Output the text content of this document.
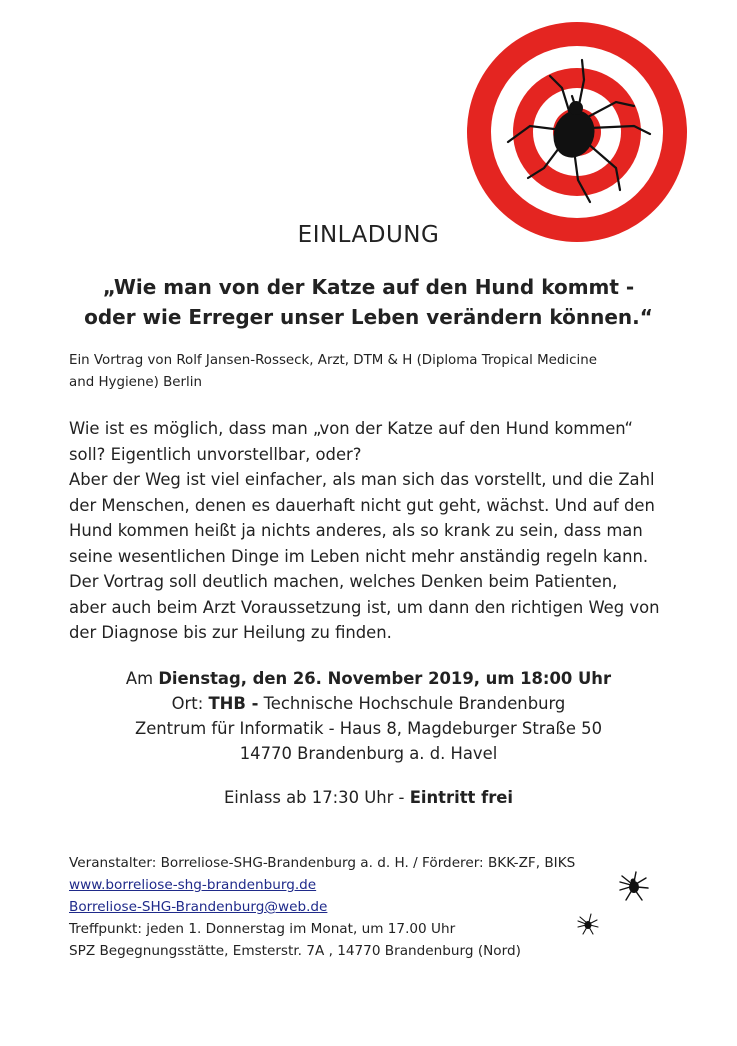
EINLADUNG
„Wie man von der Katze auf den Hund kommt -
oder wie Erreger unser Leben verändern können.“
Ein Vortrag von Rolf Jansen-Rosseck, Arzt, DTM & H (Diploma Tropical Medicine
and Hygiene) Berlin
Wie ist es möglich, dass man „von der Katze auf den Hund kommen“
soll? Eigentlich unvorstellbar, oder?
Aber der Weg ist viel einfacher, als man sich das vorstellt, und die Zahl
der Menschen, denen es dauerhaft nicht gut geht, wächst. Und auf den
Hund kommen heißt ja nichts anderes, als so krank zu sein, dass man
seine wesentlichen Dinge im Leben nicht mehr anständig regeln kann.
Der Vortrag soll deutlich machen, welches Denken beim Patienten,
aber auch beim Arzt Voraussetzung ist, um dann den richtigen Weg von
der Diagnose bis zur Heilung zu finden.
Am Dienstag, den 26. November 2019, um 18:00 Uhr
Ort: THB - Technische Hochschule Brandenburg
Zentrum für Informatik - Haus 8, Magdeburger Straße 50
14770 Brandenburg a. d. Havel
Einlass ab 17:30 Uhr - Eintritt frei
Veranstalter: Borreliose-SHG-Brandenburg a. d. H. / Förderer: BKK-ZF, BIKS
www.borreliose-shg-brandenburg.de
Borreliose-SHG-Brandenburg@web.de
Treffpunkt: jeden 1. Donnerstag im Monat, um 17.00 Uhr
SPZ Begegnungsstätte, Emsterstr. 7A , 14770 Brandenburg (Nord)
